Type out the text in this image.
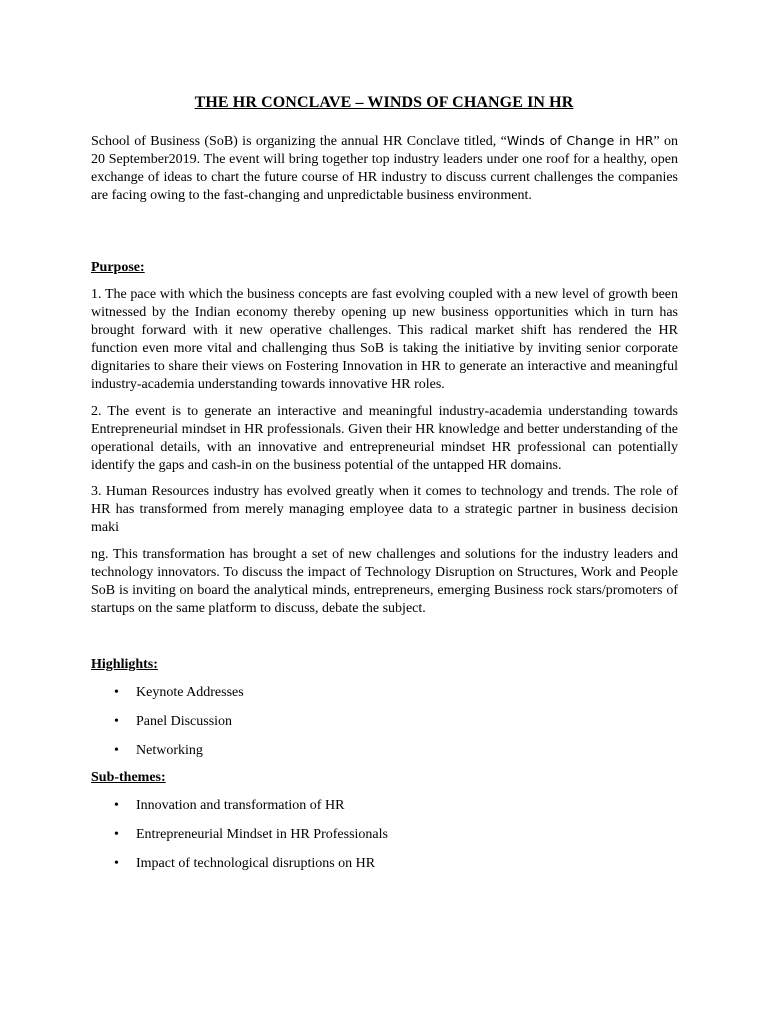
THE HR CONCLAVE – WINDS OF CHANGE IN HR

School of Business (SoB) is organizing the annual HR Conclave titled, “Winds of Change in HR” on 20 September2019. The event will bring together top industry leaders under one roof for a healthy, open exchange of ideas to chart the future course of HR industry to discuss current challenges the companies are facing owing to the fast-changing and unpredictable business environment.

Purpose:

1. The pace with which the business concepts are fast evolving coupled with a new level of growth been witnessed by the Indian economy thereby opening up new business opportunities which in turn has brought forward with it new operative challenges. This radical market shift has rendered the HR function even more vital and challenging thus SoB is taking the initiative by inviting senior corporate dignitaries to share their views on Fostering Innovation in HR to generate an interactive and meaningful industry-academia understanding towards innovative HR roles.

2. The event is to generate an interactive and meaningful industry-academia understanding towards Entrepreneurial mindset in HR professionals. Given their HR knowledge and better understanding of the operational details, with an innovative and entrepreneurial mindset HR professional can potentially identify the gaps and cash-in on the business potential of the untapped HR domains.

3. Human Resources industry has evolved greatly when it comes to technology and trends. The role of HR has transformed from merely managing employee data to a strategic partner in business decision maki

ng. This transformation has brought a set of new challenges and solutions for the industry leaders and technology innovators. To discuss the impact of Technology Disruption on Structures, Work and People SoB is inviting on board the analytical minds, entrepreneurs, emerging Business rock stars/promoters of startups on the same platform to discuss, debate the subject.

Highlights:
• Keynote Addresses
• Panel Discussion
• Networking
Sub-themes:
• Innovation and transformation of HR
• Entrepreneurial Mindset in HR Professionals
• Impact of technological disruptions on HR
